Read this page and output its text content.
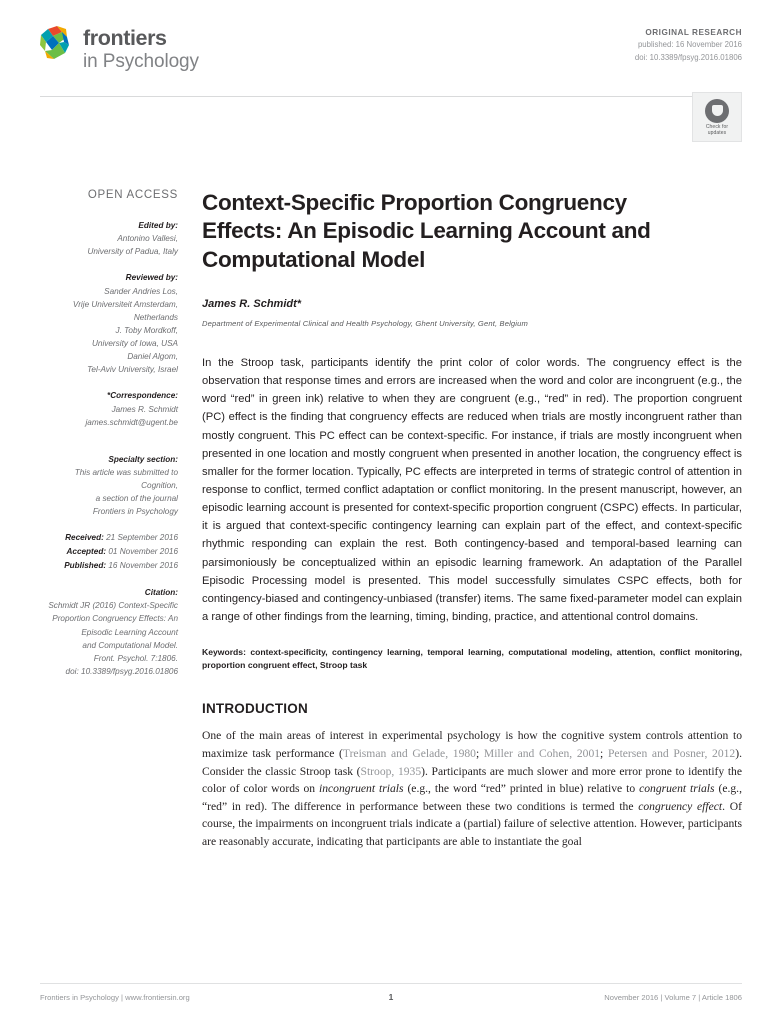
frontiers
in Psychology
ORIGINAL RESEARCH
published: 16 November 2016
doi: 10.3389/fpsyg.2016.01806
Check for
updates
OPEN ACCESS
Edited by:
Antonino Vallesi,
University of Padua, Italy
Reviewed by:
Sander Andries Los,
Vrije Universiteit Amsterdam,
Netherlands
J. Toby Mordkoff,
University of Iowa, USA
Daniel Algom,
Tel-Aviv University, Israel
*Correspondence:
James R. Schmidt
james.schmidt@ugent.be
Specialty section:
This article was submitted to
Cognition,
a section of the journal
Frontiers in Psychology
Received: 21 September 2016
Accepted: 01 November 2016
Published: 16 November 2016
Citation:
Schmidt JR (2016) Context-Specific
Proportion Congruency Effects: An
Episodic Learning Account
and Computational Model.
Front. Psychol. 7:1806.
doi: 10.3389/fpsyg.2016.01806
Context-Specific Proportion Congruency Effects: An Episodic Learning Account and Computational Model
James R. Schmidt*
Department of Experimental Clinical and Health Psychology, Ghent University, Gent, Belgium
In the Stroop task, participants identify the print color of color words. The congruency effect is the observation that response times and errors are increased when the word and color are incongruent (e.g., the word “red” in green ink) relative to when they are congruent (e.g., “red” in red). The proportion congruent (PC) effect is the finding that congruency effects are reduced when trials are mostly incongruent rather than mostly congruent. This PC effect can be context-specific. For instance, if trials are mostly incongruent when presented in one location and mostly congruent when presented in another location, the congruency effect is smaller for the former location. Typically, PC effects are interpreted in terms of strategic control of attention in response to conflict, termed conflict adaptation or conflict monitoring. In the present manuscript, however, an episodic learning account is presented for context-specific proportion congruent (CSPC) effects. In particular, it is argued that context-specific contingency learning can explain part of the effect, and context-specific rhythmic responding can explain the rest. Both contingency-based and temporal-based learning can parsimoniously be conceptualized within an episodic learning framework. An adaptation of the Parallel Episodic Processing model is presented. This model successfully simulates CSPC effects, both for contingency-biased and contingency-unbiased (transfer) items. The same fixed-parameter model can explain a range of other findings from the learning, timing, binding, practice, and attentional control domains.
Keywords: context-specificity, contingency learning, temporal learning, computational modeling, attention, conflict monitoring, proportion congruent effect, Stroop task
INTRODUCTION

One of the main areas of interest in experimental psychology is how the cognitive system controls attention to maximize task performance (Treisman and Gelade, 1980; Miller and Cohen, 2001; Petersen and Posner, 2012). Consider the classic Stroop task (Stroop, 1935). Participants are much slower and more error prone to identify the color of color words on incongruent trials (e.g., the word “red” printed in blue) relative to congruent trials (e.g., “red” in red). The difference in performance between these two conditions is termed the congruency effect. Of course, the impairments on incongruent trials indicate a (partial) failure of selective attention. However, participants are reasonably accurate, indicating that participants are able to instantiate the goal

Frontiers in Psychology | www.frontiersin.org	1	November 2016 | Volume 7 | Article 1806
